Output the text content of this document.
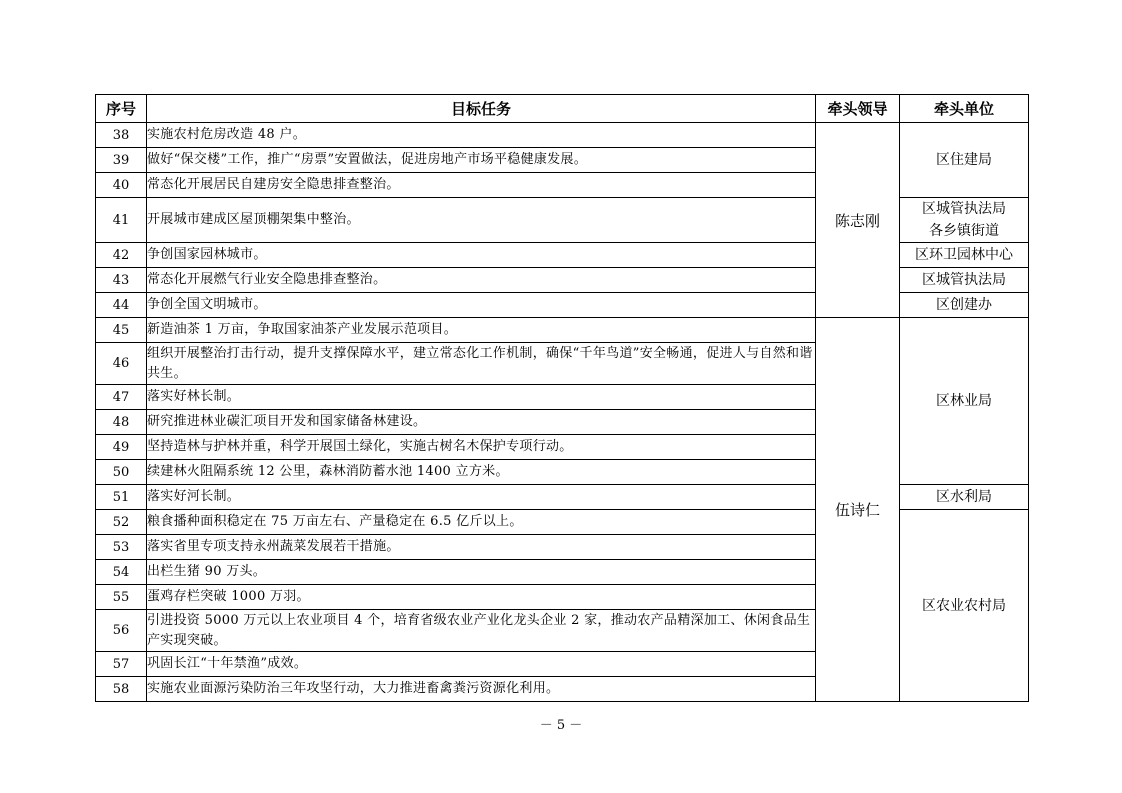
序号	目标任务	牵头领导	牵头单位
38	实施农村危房改造 48 户。	陈志刚	区住建局
39	做好“保交楼”工作，推广“房票”安置做法，促进房地产市场平稳健康发展。		
40	常态化开展居民自建房安全隐患排查整治。		
41	开展城市建成区屋顶棚架集中整治。		区城管执法局
各乡镇街道

42	争创国家园林城市。		区环卫园林中心
43	常态化开展燃气行业安全隐患排查整治。		区城管执法局
44	争创全国文明城市。		区创建办
45	新造油茶 1 万亩，争取国家油茶产业发展示范项目。	伍诗仁	区林业局
46	组织开展整治打击行动，提升支撑保障水平，建立常态化工作机制，确保“千年鸟道”安全畅通，促进人与自然和谐共生。		
47	落实好林长制。		
48	研究推进林业碳汇项目开发和国家储备林建设。		
49	坚持造林与护林并重，科学开展国土绿化，实施古树名木保护专项行动。		
50	续建林火阻隔系统 12 公里，森林消防蓄水池 1400 立方米。		
51	落实好河长制。		区水利局
52	粮食播种面积稳定在 75 万亩左右、产量稳定在 6.5 亿斤以上。		区农业农村局
53	落实省里专项支持永州蔬菜发展若干措施。		
54	出栏生猪 90 万头。		
55	蛋鸡存栏突破 1000 万羽。		
56	引进投资 5000 万元以上农业项目 4 个，培育省级农业产业化龙头企业 2 家，推动农产品精深加工、休闲食品生产实现突破。		
57	巩固长江“十年禁渔”成效。		
58	实施农业面源污染防治三年攻坚行动，大力推进畜禽粪污资源化利用。		
－ 5 －
